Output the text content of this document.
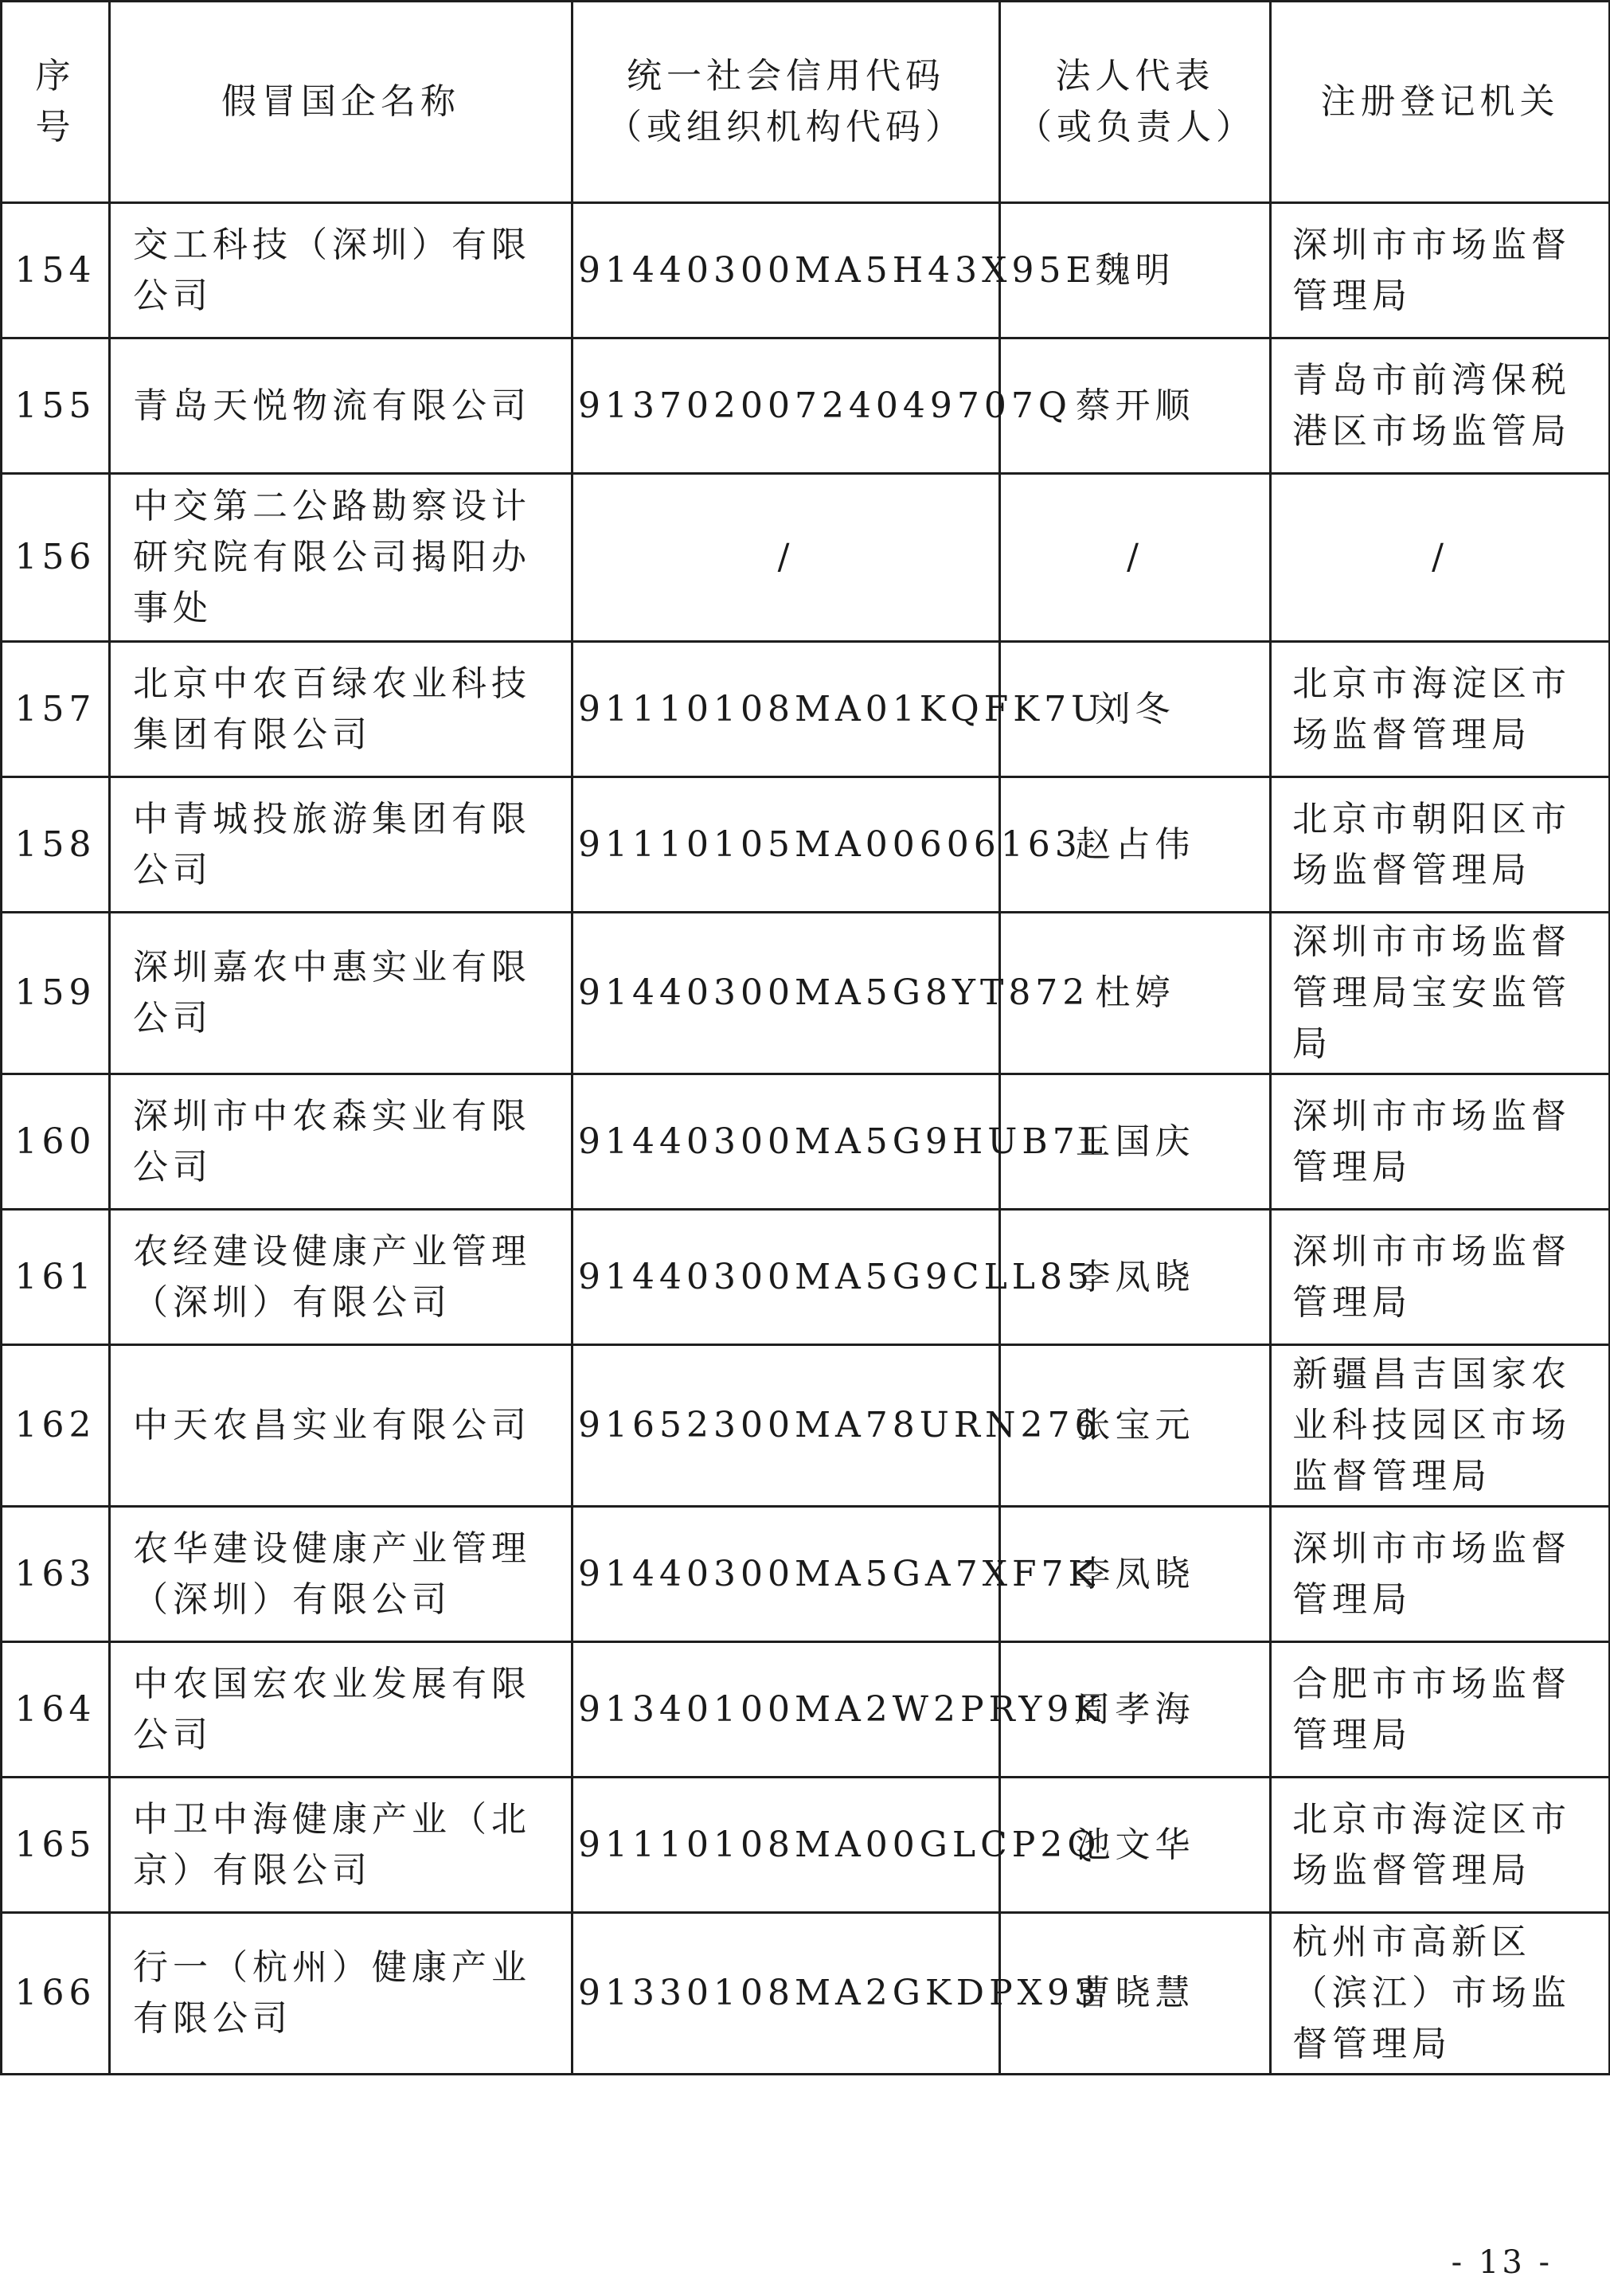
序号	假冒国企名称	统一社会信用代码（或组织机构代码）	法人代表（或负责人）	注册登记机关
154	交工科技（深圳）有限公司	91440300MA5H43X95E	魏明	深圳市市场监督管理局
155	青岛天悦物流有限公司	91370200724049707Q	蔡开顺	青岛市前湾保税港区市场监管局
156	中交第二公路勘察设计研究院有限公司揭阳办事处	/	/	/
157	北京中农百绿农业科技集团有限公司	91110108MA01KQFK7U	刘冬	北京市海淀区市场监督管理局
158	中青城投旅游集团有限公司	91110105MA00606163	赵占伟	北京市朝阳区市场监督管理局
159	深圳嘉农中惠实业有限公司	91440300MA5G8YT872	杜婷	深圳市市场监督管理局宝安监管局
160	深圳市中农森实业有限公司	91440300MA5G9HUB7L	王国庆	深圳市市场监督管理局
161	农经建设健康产业管理（深圳）有限公司	91440300MA5G9CLL85	李凤晓	深圳市市场监督管理局
162	中天农昌实业有限公司	91652300MA78URN276	张宝元	新疆昌吉国家农业科技园区市场监督管理局
163	农华建设健康产业管理（深圳）有限公司	91440300MA5GA7XF7K	李凤晓	深圳市市场监督管理局
164	中农国宏农业发展有限公司	91340100MA2W2PRY9K	周孝海	合肥市市场监督管理局
165	中卫中海健康产业（北京）有限公司	91110108MA00GLCP2Q	池文华	北京市海淀区市场监督管理局
166	行一（杭州）健康产业有限公司	91330108MA2GKDPX93	曹晓慧	杭州市高新区（滨江）市场监督管理局
- 13 -
